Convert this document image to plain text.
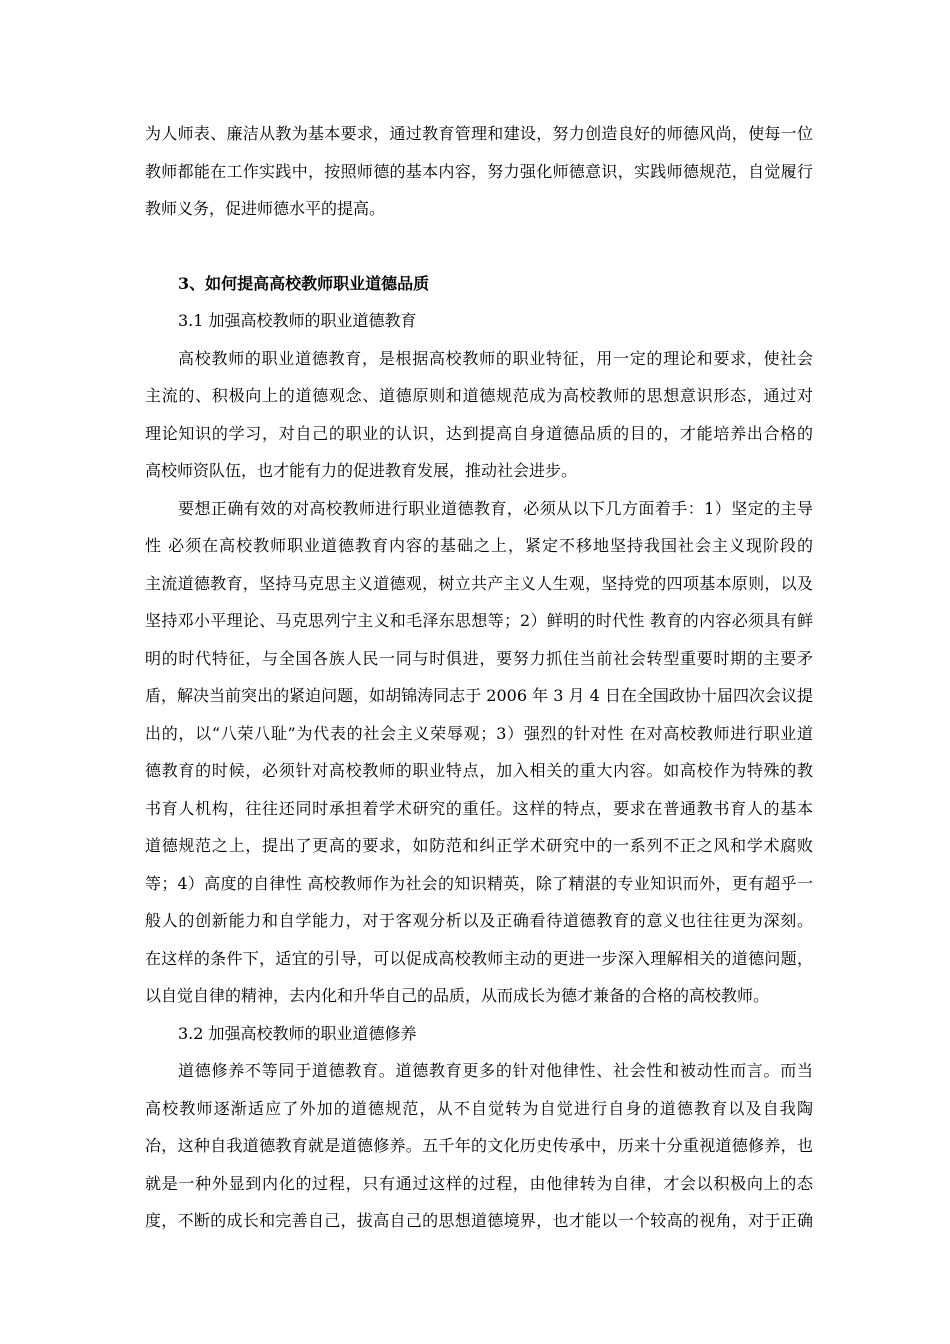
为人师表、廉洁从教为基本要求，通过教育管理和建设，努力创造良好的师德风尚，使每一位
教师都能在工作实践中，按照师德的基本内容，努力强化师德意识，实践师德规范，自觉履行
教师义务，促进师德水平的提高。
3、如何提高高校教师职业道德品质
3.1 加强高校教师的职业道德教育
高校教师的职业道德教育，是根据高校教师的职业特征，用一定的理论和要求，使社会
主流的、积极向上的道德观念、道德原则和道德规范成为高校教师的思想意识形态，通过对
理论知识的学习，对自己的职业的认识，达到提高自身道德品质的目的，才能培养出合格的
高校师资队伍，也才能有力的促进教育发展，推动社会进步。
要想正确有效的对高校教师进行职业道德教育，必须从以下几方面着手：1）坚定的主导
性 必须在高校教师职业道德教育内容的基础之上，紧定不移地坚持我国社会主义现阶段的
主流道德教育，坚持马克思主义道德观，树立共产主义人生观，坚持党的四项基本原则，以及
坚持邓小平理论、马克思列宁主义和毛泽东思想等；2）鲜明的时代性 教育的内容必须具有鲜
明的时代特征，与全国各族人民一同与时俱进，要努力抓住当前社会转型重要时期的主要矛
盾，解决当前突出的紧迫问题，如胡锦涛同志于 2006 年 3 月 4 日在全国政协十届四次会议提
出的，以“八荣八耻”为代表的社会主义荣辱观；3）强烈的针对性 在对高校教师进行职业道
德教育的时候，必须针对高校教师的职业特点，加入相关的重大内容。如高校作为特殊的教
书育人机构，往往还同时承担着学术研究的重任。这样的特点，要求在普通教书育人的基本
道德规范之上，提出了更高的要求，如防范和纠正学术研究中的一系列不正之风和学术腐败
等；4）高度的自律性 高校教师作为社会的知识精英，除了精湛的专业知识而外，更有超乎一
般人的创新能力和自学能力，对于客观分析以及正确看待道德教育的意义也往往更为深刻。
在这样的条件下，适宜的引导，可以促成高校教师主动的更进一步深入理解相关的道德问题，
以自觉自律的精神，去内化和升华自己的品质，从而成长为德才兼备的合格的高校教师。
3.2 加强高校教师的职业道德修养
道德修养不等同于道德教育。道德教育更多的针对他律性、社会性和被动性而言。而当
高校教师逐渐适应了外加的道德规范，从不自觉转为自觉进行自身的道德教育以及自我陶
冶，这种自我道德教育就是道德修养。五千年的文化历史传承中，历来十分重视道德修养，也
就是一种外显到内化的过程，只有通过这样的过程，由他律转为自律，才会以积极向上的态
度，不断的成长和完善自己，拔高自己的思想道德境界，也才能以一个较高的视角，对于正确
